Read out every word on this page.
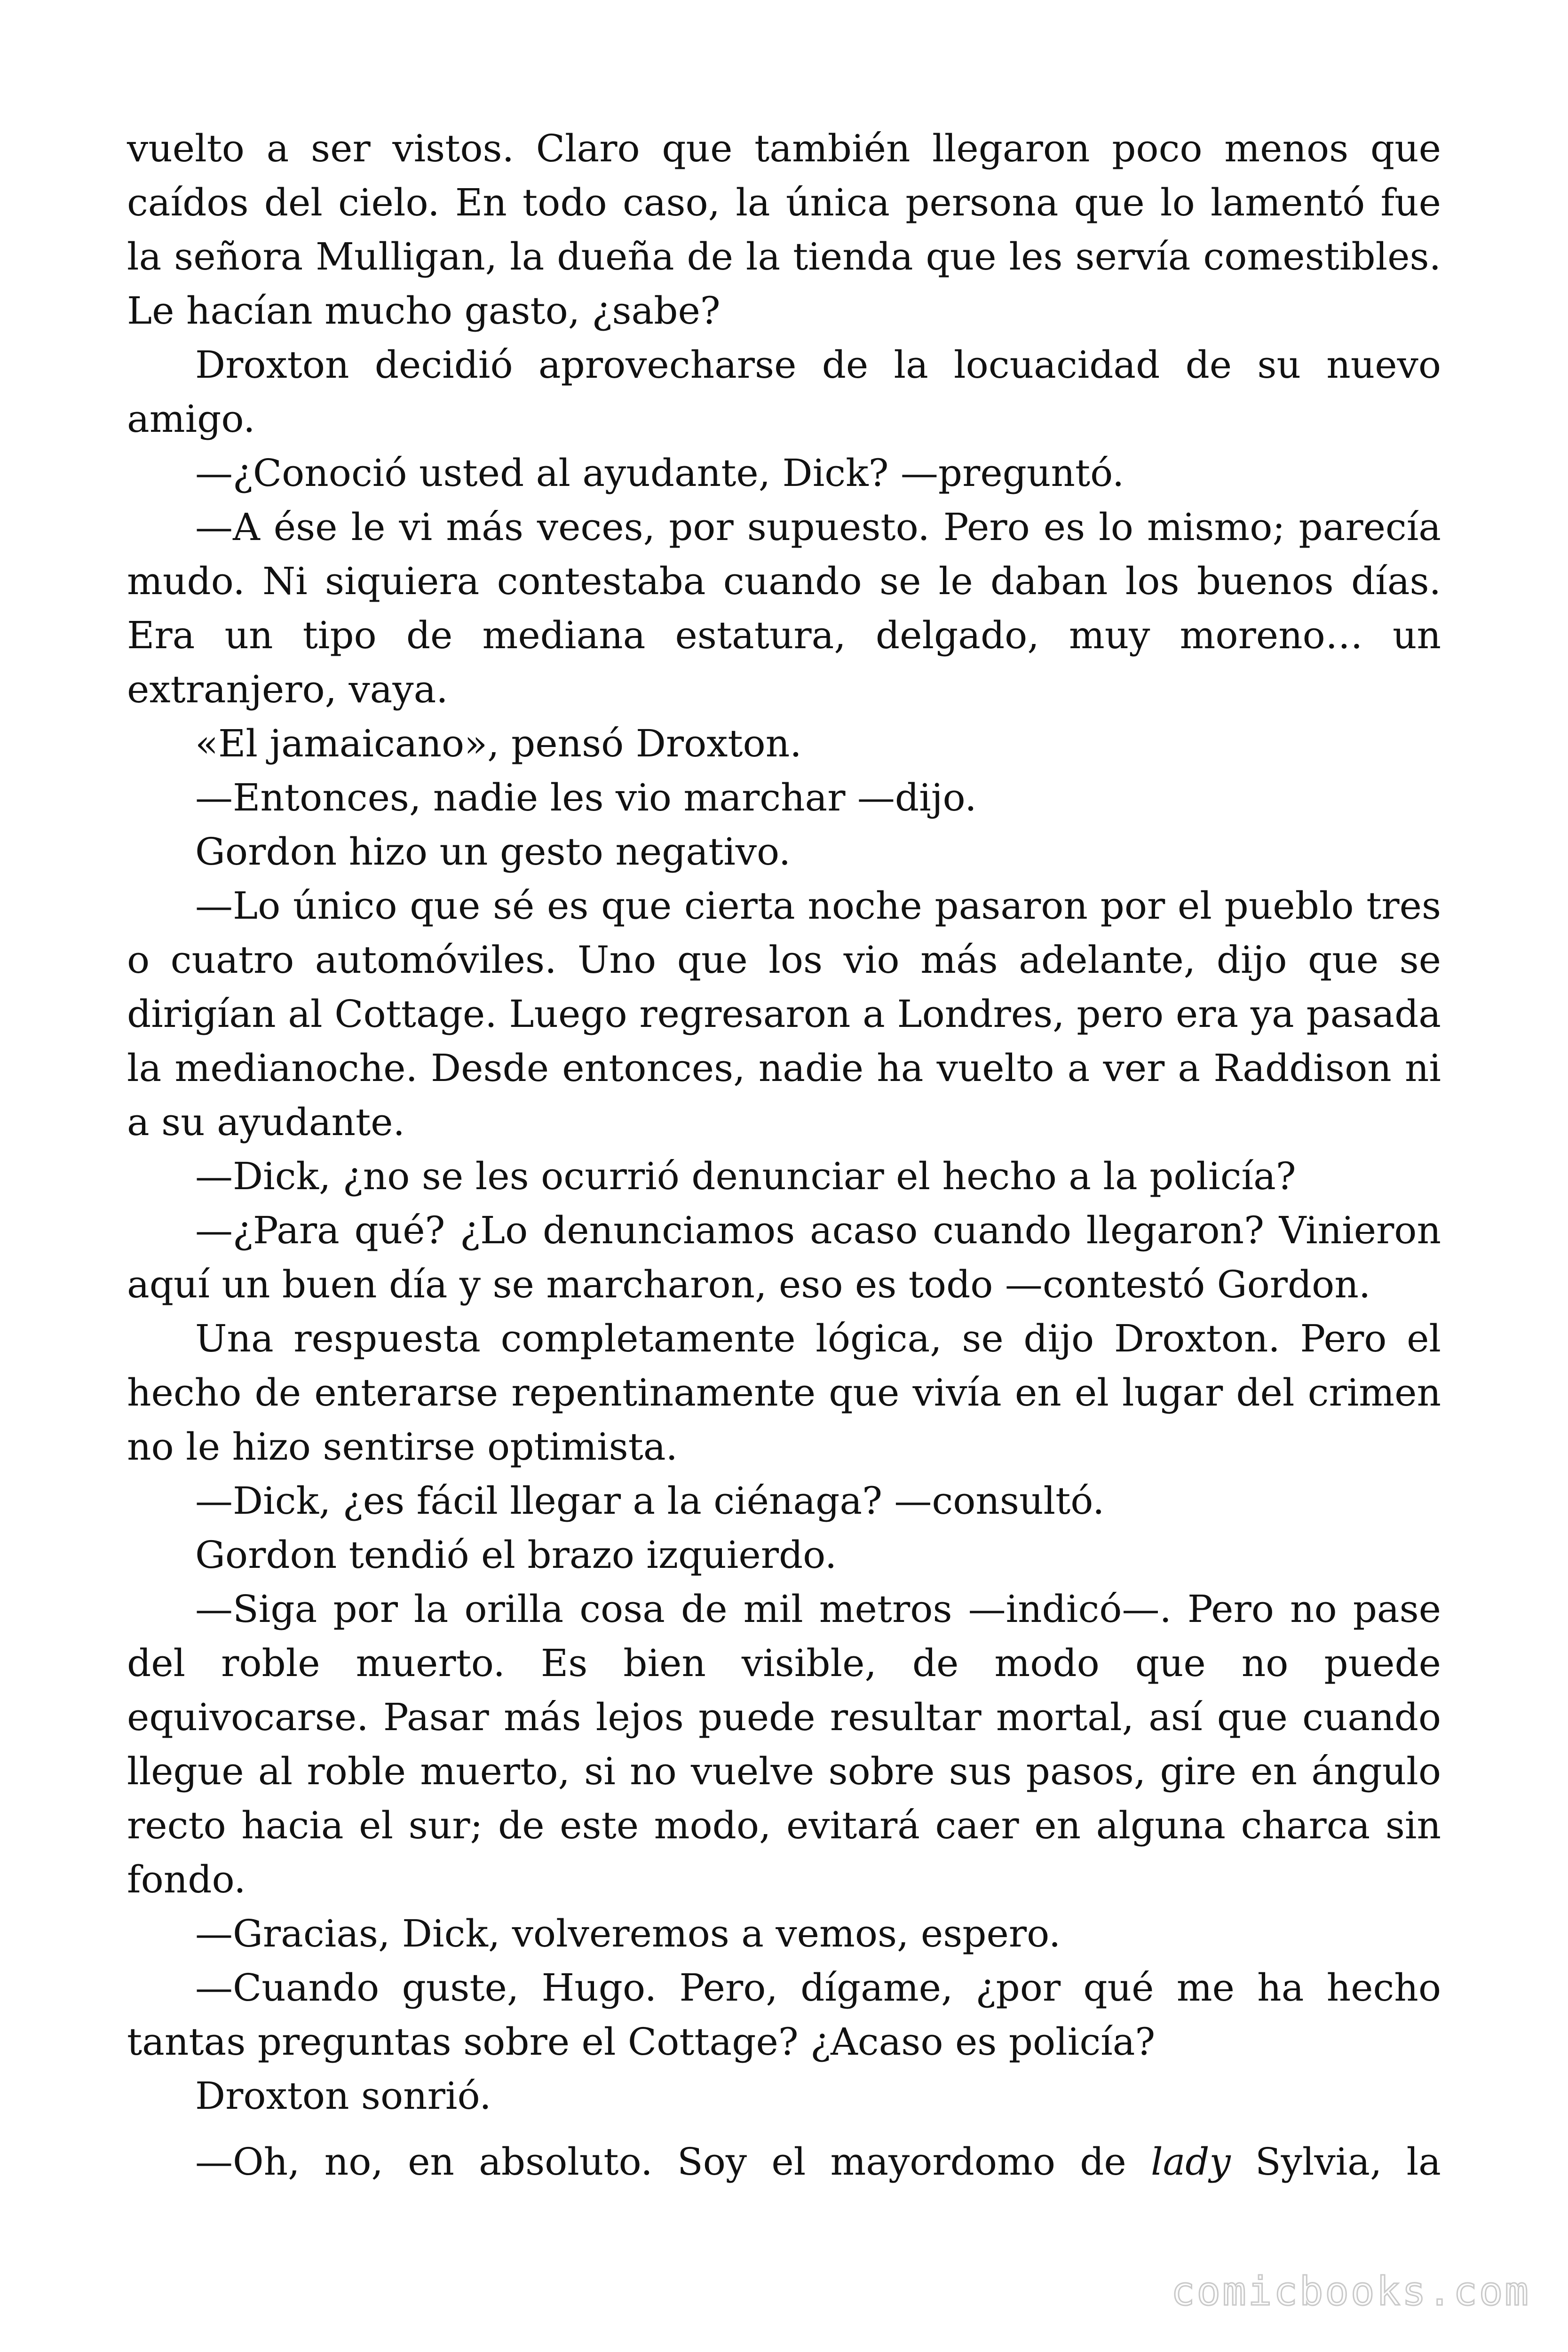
vuelto a ser vistos. Claro que también llegaron poco menos que caídos del cielo. En todo caso, la única persona que lo lamentó fue la señora Mulligan, la dueña de la tienda que les servía comestibles. Le hacían mucho gasto, ¿sabe?

Droxton decidió aprovecharse de la locuacidad de su nuevo amigo.

—¿Conoció usted al ayudante, Dick? —preguntó.

—A ése le vi más veces, por supuesto. Pero es lo mismo; parecía mudo. Ni siquiera contestaba cuando se le daban los buenos días. Era un tipo de mediana estatura, delgado, muy moreno… un extranjero, vaya.

«El jamaicano», pensó Droxton.

—Entonces, nadie les vio marchar —dijo.

Gordon hizo un gesto negativo.

—Lo único que sé es que cierta noche pasaron por el pueblo tres o cuatro automóviles. Uno que los vio más adelante, dijo que se dirigían al Cottage. Luego regresaron a Londres, pero era ya pasada la medianoche. Desde entonces, nadie ha vuelto a ver a Raddison ni a su ayudante.

—Dick, ¿no se les ocurrió denunciar el hecho a la policía?

—¿Para qué? ¿Lo denunciamos acaso cuando llegaron? Vinieron aquí un buen día y se marcharon, eso es todo —contestó Gordon.

Una respuesta completamente lógica, se dijo Droxton. Pero el hecho de enterarse repentinamente que vivía en el lugar del crimen no le hizo sentirse optimista.

—Dick, ¿es fácil llegar a la ciénaga? —consultó.

Gordon tendió el brazo izquierdo.

—Siga por la orilla cosa de mil metros —indicó—. Pero no pase del roble muerto. Es bien visible, de modo que no puede equivocarse. Pasar más lejos puede resultar mortal, así que cuando llegue al roble muerto, si no vuelve sobre sus pasos, gire en ángulo recto hacia el sur; de este modo, evitará caer en alguna charca sin fondo.

—Gracias, Dick, volveremos a vemos, espero.

—Cuando guste, Hugo. Pero, dígame, ¿por qué me ha hecho tantas preguntas sobre el Cottage? ¿Acaso es policía?

Droxton sonrió.

—Oh, no, en absoluto. Soy el mayordomo de lady Sylvia, la
comicbooks.com
